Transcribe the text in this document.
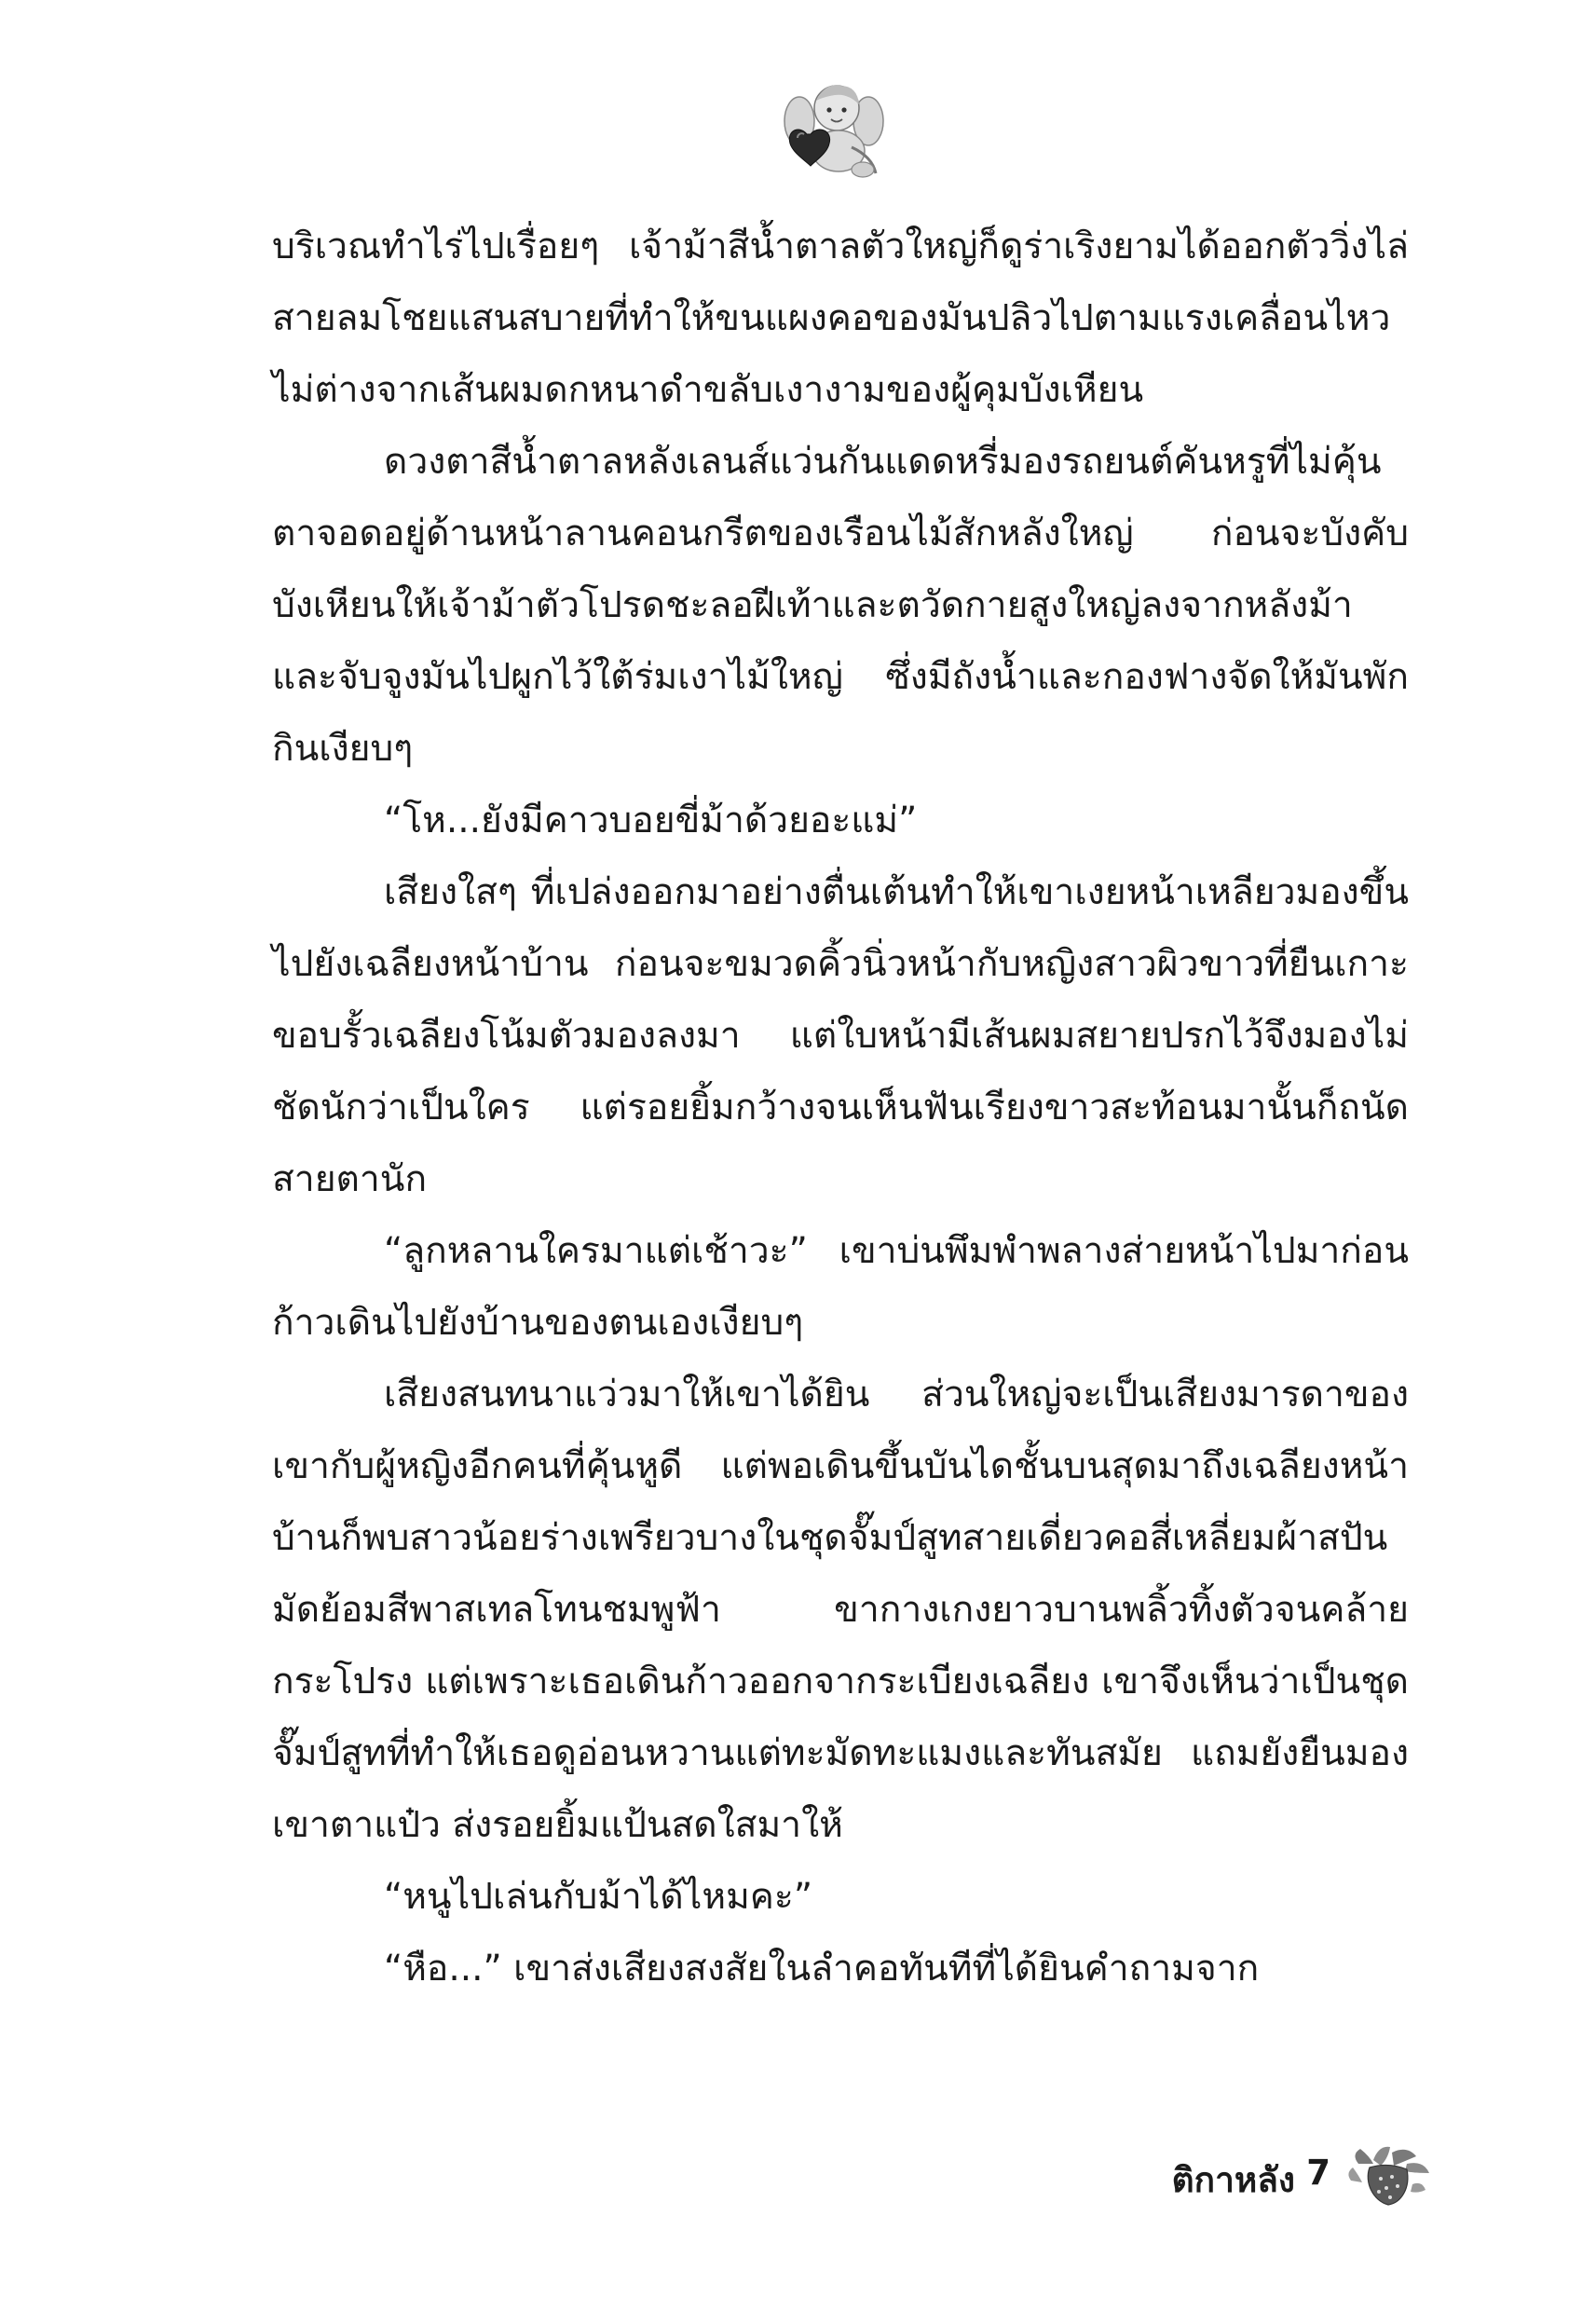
บริเวณทำไร่ไปเรื่อยๆ เจ้าม้าสีน้ำตาลตัวใหญ่ก็ดูร่าเริงยามได้ออกตัววิ่งไล่สายลมโชยแสนสบายที่ทำให้ขนแผงคอของมันปลิวไปตามแรงเคลื่อนไหว ไม่ต่างจากเส้นผมดกหนาดำขลับเงางามของผู้คุมบังเหียน

ดวงตาสีน้ำตาลหลังเลนส์แว่นกันแดดหรี่มองรถยนต์คันหรูที่ไม่คุ้นตาจอดอยู่ด้านหน้าลานคอนกรีตของเรือนไม้สักหลังใหญ่ ก่อนจะบังคับบังเหียนให้เจ้าม้าตัวโปรดชะลอฝีเท้าและตวัดกายสูงใหญ่ลงจากหลังม้าและจับจูงมันไปผูกไว้ใต้ร่มเงาไม้ใหญ่ ซึ่งมีถังน้ำและกองฟางจัดให้มันพักกินเงียบๆ

“โห...ยังมีคาวบอยขี่ม้าด้วยอะแม่”

เสียงใสๆ ที่เปล่งออกมาอย่างตื่นเต้นทำให้เขาเงยหน้าเหลียวมองขึ้นไปยังเฉลียงหน้าบ้าน ก่อนจะขมวดคิ้วนิ่วหน้ากับหญิงสาวผิวขาวที่ยืนเกาะขอบรั้วเฉลียงโน้มตัวมองลงมา แต่ใบหน้ามีเส้นผมสยายปรกไว้จึงมองไม่ชัดนักว่าเป็นใคร แต่รอยยิ้มกว้างจนเห็นฟันเรียงขาวสะท้อนมานั้นก็ถนัดสายตานัก

“ลูกหลานใครมาแต่เช้าวะ” เขาบ่นพึมพำพลางส่ายหน้าไปมาก่อนก้าวเดินไปยังบ้านของตนเองเงียบๆ

เสียงสนทนาแว่วมาให้เขาได้ยิน ส่วนใหญ่จะเป็นเสียงมารดาของเขากับผู้หญิงอีกคนที่คุ้นหูดี แต่พอเดินขึ้นบันไดชั้นบนสุดมาถึงเฉลียงหน้าบ้านก็พบสาวน้อยร่างเพรียวบางในชุดจั๊มป์สูทสายเดี่ยวคอสี่เหลี่ยมผ้าสปันมัดย้อมสีพาสเทลโทนชมพูฟ้า ขากางเกงยาวบานพลิ้วทิ้งตัวจนคล้ายกระโปรง แต่เพราะเธอเดินก้าวออกจากระเบียงเฉลียง เขาจึงเห็นว่าเป็นชุดจั๊มป์สูทที่ทำให้เธอดูอ่อนหวานแต่ทะมัดทะแมงและทันสมัย แถมยังยืนมองเขาตาแป๋ว ส่งรอยยิ้มแป้นสดใสมาให้

“หนูไปเล่นกับม้าได้ไหมคะ”

“หือ...” เขาส่งเสียงสงสัยในลำคอทันทีที่ได้ยินคำถามจาก

ติกาหลัง 7
